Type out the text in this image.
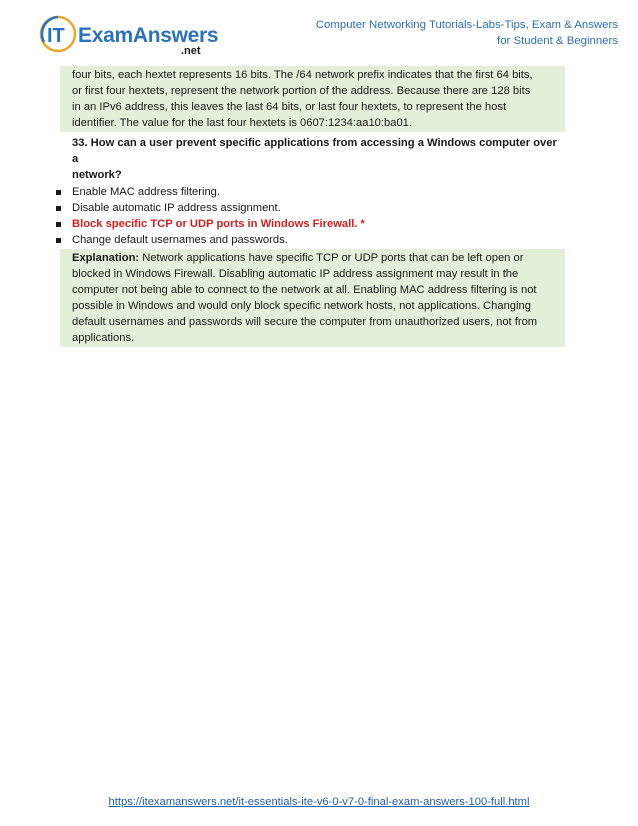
IT ExamAnswers
.net
Computer Networking Tutorials-Labs-Tips, Exam & Answers
for Student & Beginners
four bits, each hextet represents 16 bits. The /64 network prefix indicates that the first 64 bits,
or first four hextets, represent the network portion of the address. Because there are 128 bits
in an IPv6 address, this leaves the last 64 bits, or last four hextets, to represent the host
identifier. The value for the last four hextets is 0607:1234:aa10:ba01.
33. How can a user prevent specific applications from accessing a Windows computer over a
network?
Enable MAC address filtering.
Disable automatic IP address assignment.
Block specific TCP or UDP ports in Windows Firewall. *
Change default usernames and passwords.
Explanation: Network applications have specific TCP or UDP ports that can be left open or
blocked in Windows Firewall. Disabling automatic IP address assignment may result in the
computer not being able to connect to the network at all. Enabling MAC address filtering is not
possible in Windows and would only block specific network hosts, not applications. Changing
default usernames and passwords will secure the computer from unauthorized users, not from
applications.
https://itexamanswers.net/it-essentials-ite-v6-0-v7-0-final-exam-answers-100-full.html
